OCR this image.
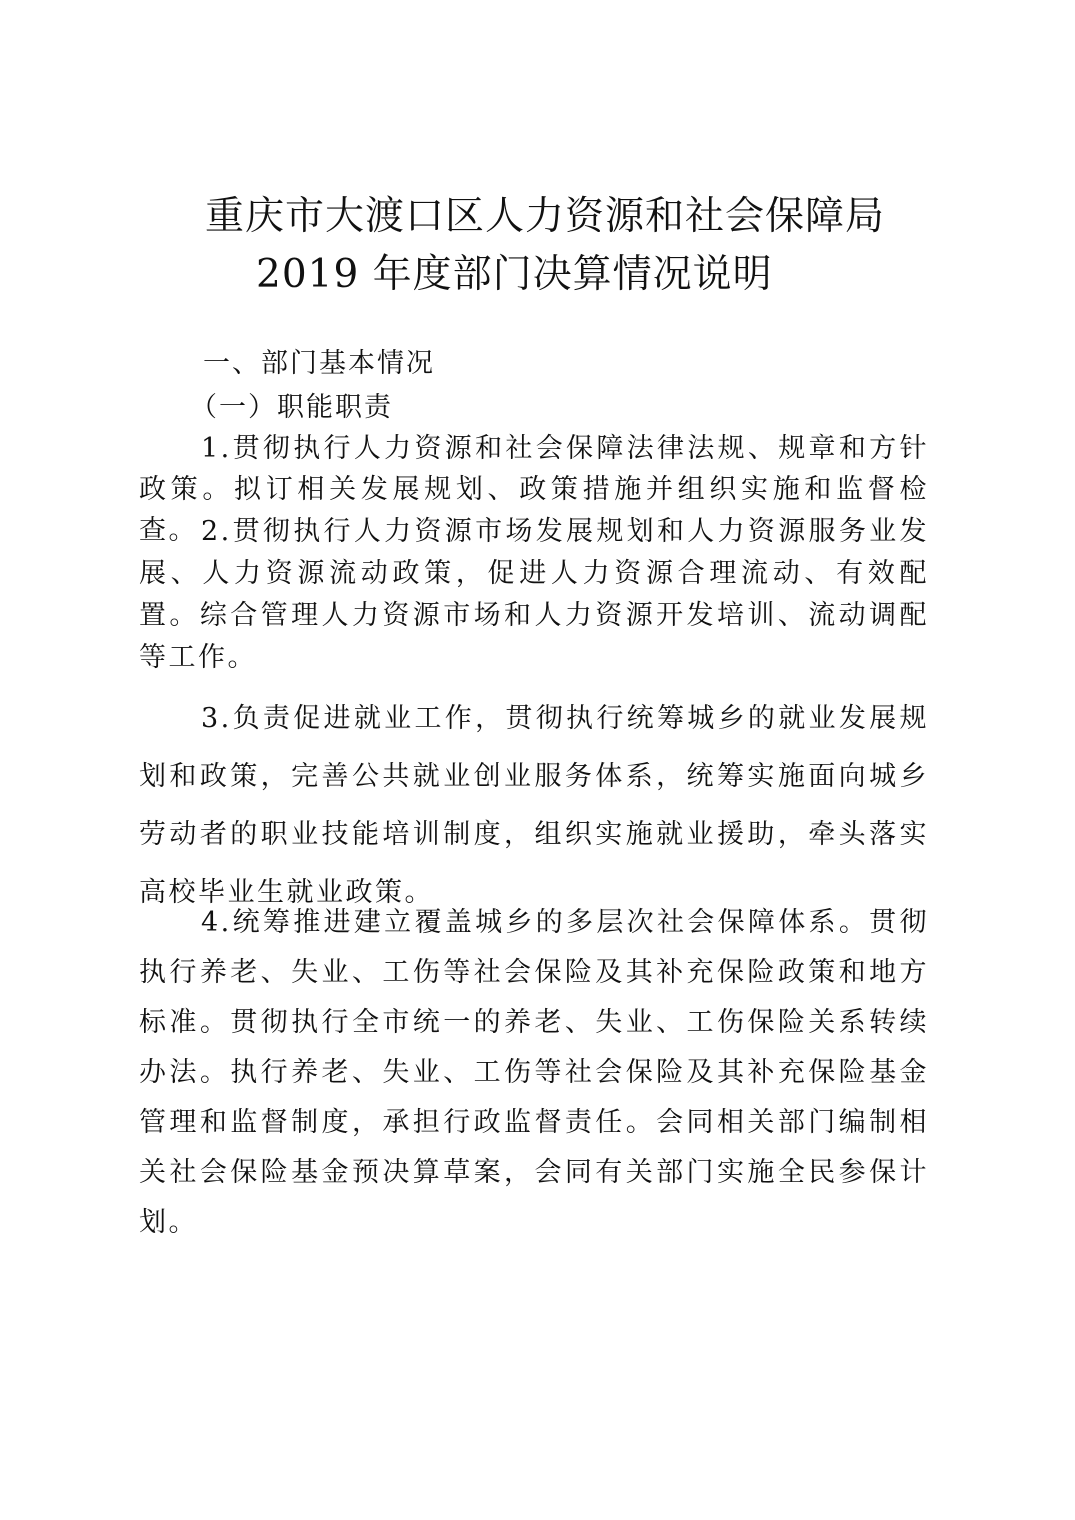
重庆市大渡口区人力资源和社会保障局
2019 年度部门决算情况说明
一、部门基本情况
（一）职能职责

1.贯彻执行人力资源和社会保障法律法规、规章和方针政策。拟订相关发展规划、政策措施并组织实施和监督检查。 2.贯彻执行人力资源市场发展规划和人力资源服务业发展、人力资源流动政策，促进人力资源合理流动、有效配置。综合管理人力资源市场和人力资源开发培训、流动调配等工作。

3.负责促进就业工作，贯彻执行统筹城乡的就业发展规划和政策，完善公共就业创业服务体系，统筹实施面向城乡劳动者的职业技能培训制度，组织实施就业援助，牵头落实高校毕业生就业政策。

4.统筹推进建立覆盖城乡的多层次社会保障体系。贯彻执行养老、失业、工伤等社会保险及其补充保险政策和地方标准。贯彻执行全市统一的养老、失业、工伤保险关系转续办法。执行养老、失业、工伤等社会保险及其补充保险基金管理和监督制度，承担行政监督责任。会同相关部门编制相关社会保险基金预决算草案，会同有关部门实施全民参保计划。
